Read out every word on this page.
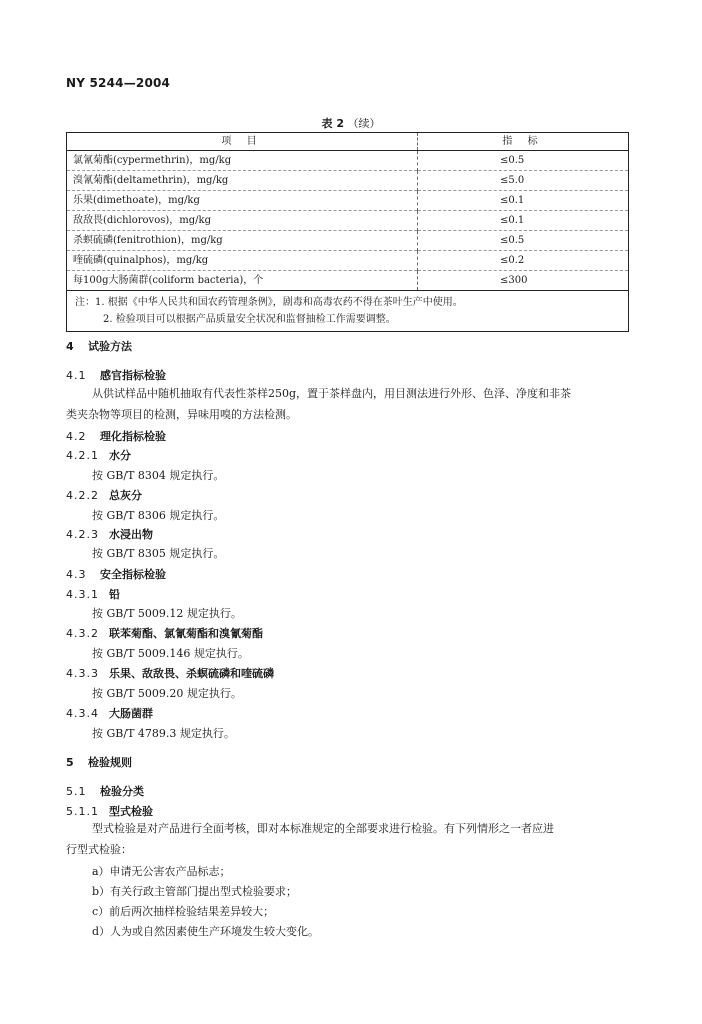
NY 5244—2004
表 2 （续）
项 目	指 标
氯氰菊酯(cypermethrin)，mg/kg	≤0.5
溴氰菊酯(deltamethrin)，mg/kg	≤5.0
乐果(dimethoate)，mg/kg	≤0.1
敌敌畏(dichlorovos)，mg/kg	≤0.1
杀螟硫磷(fenitrothion)，mg/kg	≤0.5
喹硫磷(quinalphos)，mg/kg	≤0.2
每100g大肠菌群(coliform bacteria)，个	≤300

注：1. 根据《中华人民共和国农药管理条例》，剧毒和高毒农药不得在茶叶生产中使用。
2. 检验项目可以根据产品质量安全状况和监督抽检工作需要调整。	
4 试验方法
4.1 感官指标检验
从供试样品中随机抽取有代表性茶样250g，置于茶样盘内，用目测法进行外形、色泽、净度和非茶
类夹杂物等项目的检测，异味用嗅的方法检测。
4.2 理化指标检验
4.2.1 水分
按 GB/T 8304 规定执行。
4.2.2 总灰分
按 GB/T 8306 规定执行。
4.2.3 水浸出物
按 GB/T 8305 规定执行。
4.3 安全指标检验
4.3.1 铅
按 GB/T 5009.12 规定执行。
4.3.2 联苯菊酯、氯氰菊酯和溴氰菊酯
按 GB/T 5009.146 规定执行。
4.3.3 乐果、敌敌畏、杀螟硫磷和喹硫磷
按 GB/T 5009.20 规定执行。
4.3.4 大肠菌群
按 GB/T 4789.3 规定执行。
5 检验规则
5.1 检验分类
5.1.1 型式检验
型式检验是对产品进行全面考核，即对本标准规定的全部要求进行检验。有下列情形之一者应进
行型式检验：
a）申请无公害农产品标志；
b）有关行政主管部门提出型式检验要求；
c）前后两次抽样检验结果差异较大；
d）人为或自然因素使生产环境发生较大变化。
